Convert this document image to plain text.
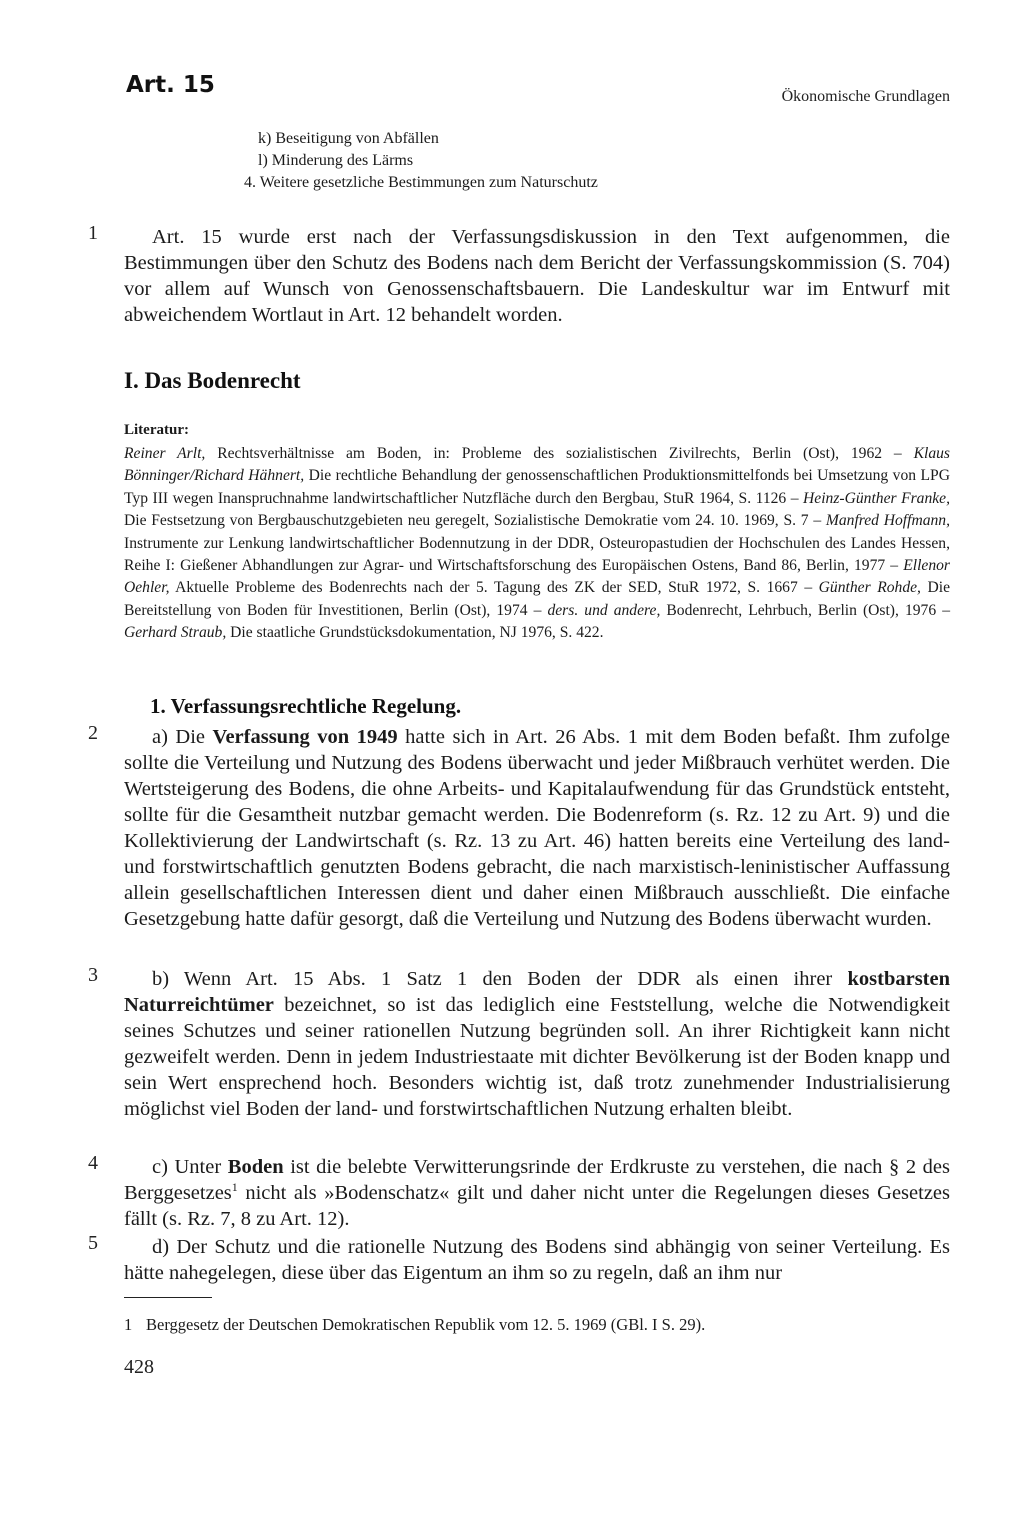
Art. 15	Ökonomische Grundlagen
k) Beseitigung von Abfällen
l) Minderung des Lärms
4. Weitere gesetzliche Bestimmungen zum Naturschutz
1	Art. 15 wurde erst nach der Verfassungsdiskussion in den Text aufgenommen, die Bestimmungen über den Schutz des Bodens nach dem Bericht der Verfassungskommission (S. 704) vor allem auf Wunsch von Genossenschaftsbauern. Die Landeskultur war im Entwurf mit abweichendem Wortlaut in Art. 12 behandelt worden.
I. Das Bodenrecht
Literatur:
Reiner Arlt, Rechtsverhältnisse am Boden, in: Probleme des sozialistischen Zivilrechts, Berlin (Ost), 1962 – Klaus Bönninger/Richard Hähnert, Die rechtliche Behandlung der genossenschaftlichen Produktionsmittelfonds bei Umsetzung von LPG Typ III wegen Inanspruchnahme landwirtschaftlicher Nutzfläche durch den Bergbau, StuR 1964, S. 1126 – Heinz-Günther Franke, Die Festsetzung von Bergbauschutzgebieten neu geregelt, Sozialistische Demokratie vom 24. 10. 1969, S. 7 – Manfred Hoffmann, Instrumente zur Lenkung landwirtschaftlicher Bodennutzung in der DDR, Osteuropastudien der Hochschulen des Landes Hessen, Reihe I: Gießener Abhandlungen zur Agrar- und Wirtschaftsforschung des Europäischen Ostens, Band 86, Berlin, 1977 – Ellenor Oehler, Aktuelle Probleme des Bodenrechts nach der 5. Tagung des ZK der SED, StuR 1972, S. 1667 – Günther Rohde, Die Bereitstellung von Boden für Investitionen, Berlin (Ost), 1974 – ders. und andere, Bodenrecht, Lehrbuch, Berlin (Ost), 1976 – Gerhard Straub, Die staatliche Grundstücksdokumentation, NJ 1976, S. 422.
1. Verfassungsrechtliche Regelung.
2	a) Die Verfassung von 1949 hatte sich in Art. 26 Abs. 1 mit dem Boden befaßt. Ihm zufolge sollte die Verteilung und Nutzung des Bodens überwacht und jeder Mißbrauch verhütet werden. Die Wertsteigerung des Bodens, die ohne Arbeits- und Kapitalaufwendung für das Grundstück entsteht, sollte für die Gesamtheit nutzbar gemacht werden. Die Bodenreform (s. Rz. 12 zu Art. 9) und die Kollektivierung der Landwirtschaft (s. Rz. 13 zu Art. 46) hatten bereits eine Verteilung des land- und forstwirtschaftlich genutzten Bodens gebracht, die nach marxistisch-leninistischer Auffassung allein gesellschaftlichen Interessen dient und daher einen Mißbrauch ausschließt. Die einfache Gesetzgebung hatte dafür gesorgt, daß die Verteilung und Nutzung des Bodens überwacht wurden.
3	b) Wenn Art. 15 Abs. 1 Satz 1 den Boden der DDR als einen ihrer kostbarsten Naturreichtümer bezeichnet, so ist das lediglich eine Feststellung, welche die Notwendigkeit seines Schutzes und seiner rationellen Nutzung begründen soll. An ihrer Richtigkeit kann nicht gezweifelt werden. Denn in jedem Industriestaate mit dichter Bevölkerung ist der Boden knapp und sein Wert ensprechend hoch. Besonders wichtig ist, daß trotz zunehmender Industrialisierung möglichst viel Boden der land- und forstwirtschaftlichen Nutzung erhalten bleibt.
4	c) Unter Boden ist die belebte Verwitterungsrinde der Erdkruste zu verstehen, die nach § 2 des Berggesetzes$^1$ nicht als »Bodenschatz« gilt und daher nicht unter die Regelungen dieses Gesetzes fällt (s. Rz. 7, 8 zu Art. 12).
5	d) Der Schutz und die rationelle Nutzung des Bodens sind abhängig von seiner Verteilung. Es hätte nahegelegen, diese über das Eigentum an ihm so zu regeln, daß an ihm nur
1 Berggesetz der Deutschen Demokratischen Republik vom 12. 5. 1969 (GBl. I S. 29).
428
